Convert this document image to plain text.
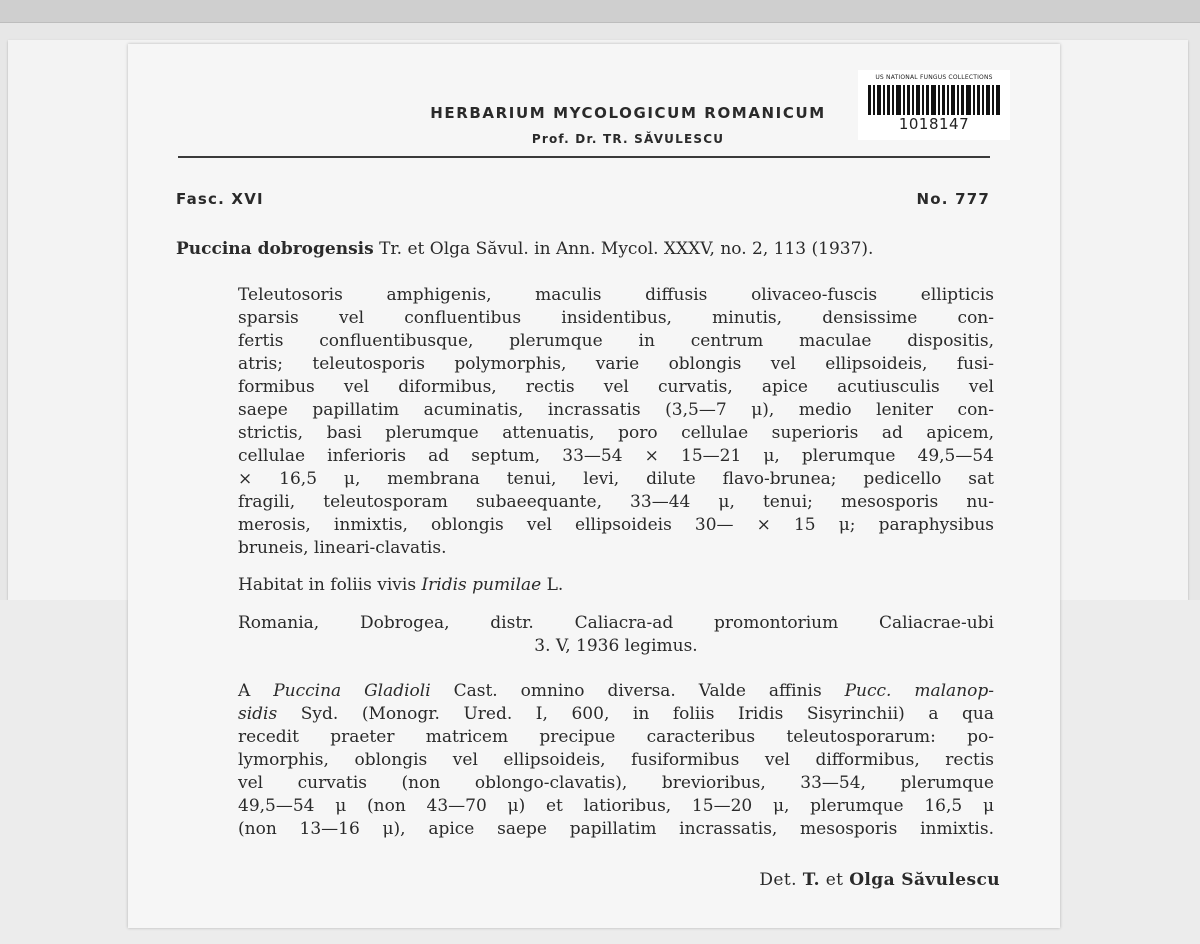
HERBARIUM MYCOLOGICUM ROMANICUM
Prof. Dr. TR. SĂVULESCU
Fasc. XVI	No. 777
Puccina dobrogensis Tr. et Olga Săvul. in Ann. Mycol. XXXV, no. 2, 113 (1937).
Teleutosoris amphigenis, maculis diffusis olivaceo-fuscis ellipticis
sparsis vel confluentibus insidentibus, minutis, densissime con-
fertis confluentibusque, plerumque in centrum maculae dispositis,
atris; teleutosporis polymorphis, varie oblongis vel ellipsoideis, fusi-
formibus vel diformibus, rectis vel curvatis, apice acutiusculis vel
saepe papillatim acuminatis, incrassatis (3,5—7 μ), medio leniter con-
strictis, basi plerumque attenuatis, poro cellulae superioris ad apicem,
cellulae inferioris ad septum, 33—54 × 15—21 μ, plerumque 49,5—54
× 16,5 μ, membrana tenui, levi, dilute flavo-brunea; pedicello sat
fragili, teleutosporam subaeequante, 33—44 μ, tenui; mesosporis nu-
merosis, inmixtis, oblongis vel ellipsoideis 30— × 15 μ; paraphysibus
bruneis, lineari-clavatis.
Habitat in foliis vivis Iridis pumilae L.
Romania, Dobrogea, distr. Caliacra-ad promontorium Caliacrae-ubi
3. V, 1936 legimus.
A Puccina Gladioli Cast. omnino diversa. Valde affinis Pucc. malanop-
sidis Syd. (Monogr. Ured. I, 600, in foliis Iridis Sisyrinchii) a qua
recedit praeter matricem precipue caracteribus teleutosporarum: po-
lymorphis, oblongis vel ellipsoideis, fusiformibus vel difformibus, rectis
vel curvatis (non oblongo-clavatis), brevioribus, 33—54, plerumque
49,5—54 μ (non 43—70 μ) et latioribus, 15—20 μ, plerumque 16,5 μ
(non 13—16 μ), apice saepe papillatim incrassatis, mesosporis inmixtis.
Det. T. et Olga Săvulescu
US NATIONAL FUNGUS COLLECTIONS
1018147
